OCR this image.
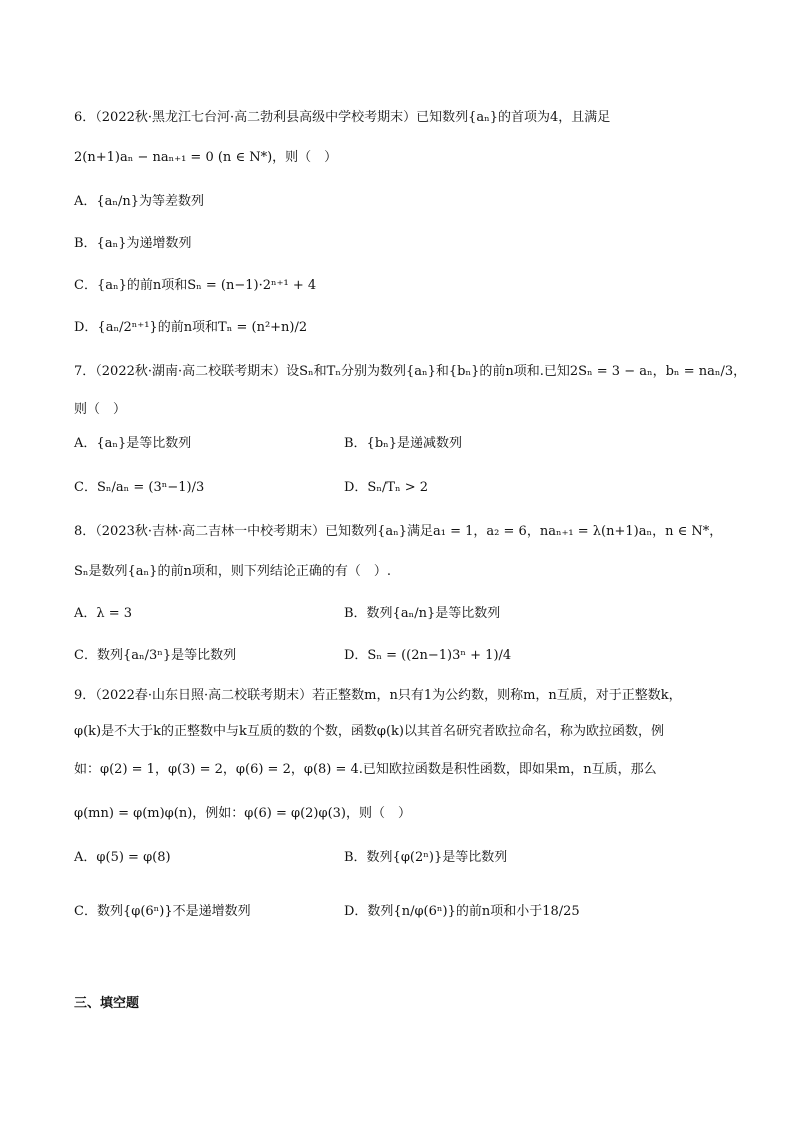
6．（2022秋·黑龙江七台河·高二勃利县高级中学校考期末）已知数列{aₙ}的首项为4，且满足
2(n+1)aₙ − naₙ₊₁ = 0 (n ∈ N*)，则（　）
A．{aₙ/n}为等差数列
B．{aₙ}为递增数列
C．{aₙ}的前n项和Sₙ = (n−1)·2ⁿ⁺¹ + 4
D．{aₙ/2ⁿ⁺¹}的前n项和Tₙ = (n²+n)/2
7．（2022秋·湖南·高二校联考期末）设Sₙ和Tₙ分别为数列{aₙ}和{bₙ}的前n项和.已知2Sₙ = 3 − aₙ，bₙ = naₙ/3，
则（　）
A．{aₙ}是等比数列	B．{bₙ}是递减数列
C．Sₙ/aₙ = (3ⁿ−1)/3	D．Sₙ/Tₙ > 2
8．（2023秋·吉林·高二吉林一中校考期末）已知数列{aₙ}满足a₁ = 1，a₂ = 6，naₙ₊₁ = λ(n+1)aₙ，n ∈ N*，
Sₙ是数列{aₙ}的前n项和，则下列结论正确的有（　）.
A．λ = 3	B．数列{aₙ/n}是等比数列
C．数列{aₙ/3ⁿ}是等比数列	D．Sₙ = ((2n−1)3ⁿ + 1)/4
9．（2022春·山东日照·高二校联考期末）若正整数m，n只有1为公约数，则称m，n互质，对于正整数k，
φ(k)是不大于k的正整数中与k互质的数的个数，函数φ(k)以其首名研究者欧拉命名，称为欧拉函数，例
如：φ(2) = 1，φ(3) = 2，φ(6) = 2，φ(8) = 4.已知欧拉函数是积性函数，即如果m，n互质，那么
φ(mn) = φ(m)φ(n)，例如：φ(6) = φ(2)φ(3)，则（　）
A．φ(5) = φ(8)	B．数列{φ(2ⁿ)}是等比数列
C．数列{φ(6ⁿ)}不是递增数列	D．数列{n/φ(6ⁿ)}的前n项和小于18/25
三、填空题
